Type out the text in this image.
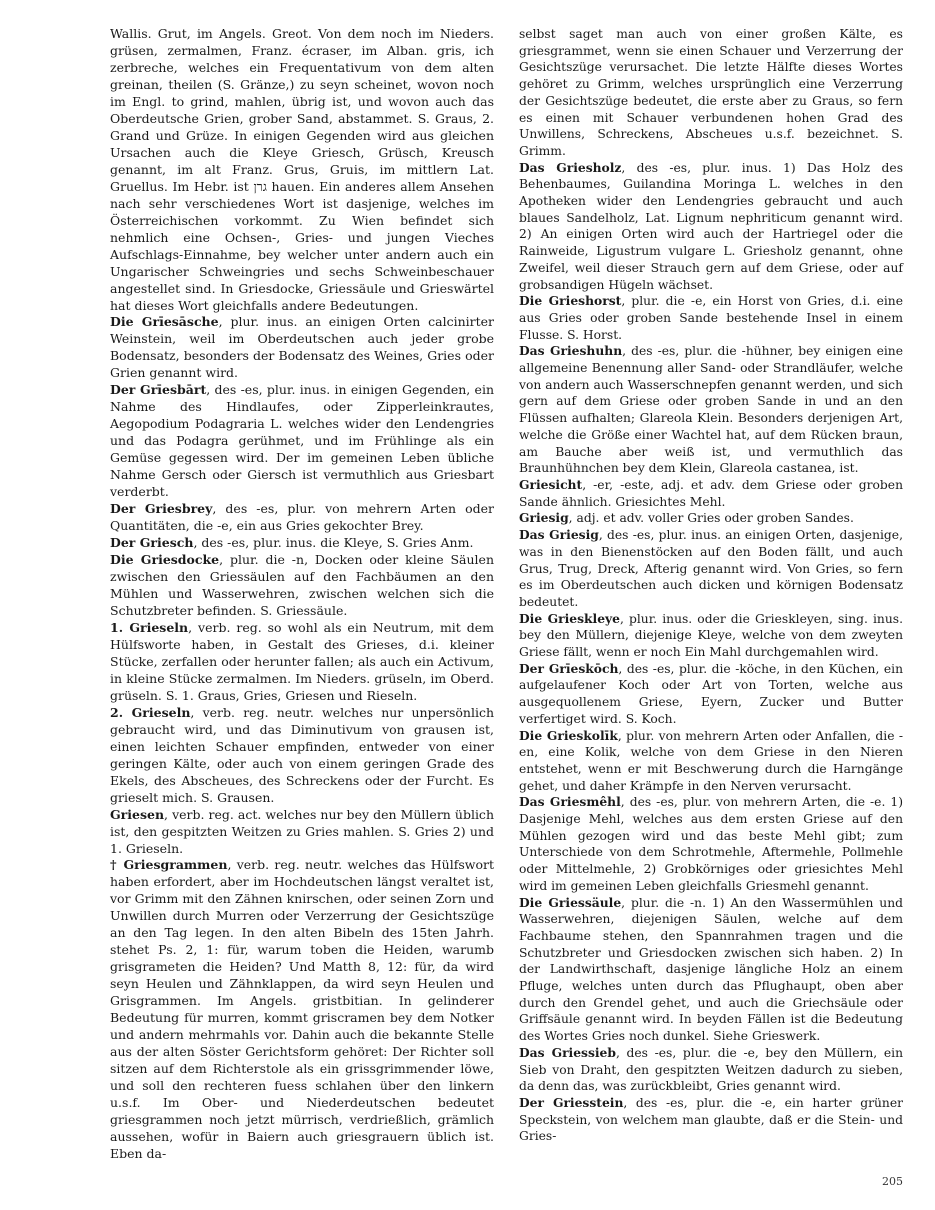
Wallis. Grut, im Angels. Greot. Von dem noch im Nieders. grüsen, zermalmen, Franz. écraser, im Alban. gris, ich zerbreche, welches ein Frequentativum von dem alten greinan, theilen (S. Gränze,) zu seyn scheinet, wovon noch im Engl. to grind, mahlen, übrig ist, und wovon auch das Oberdeutsche Grien, grober Sand, abstammet. S. Graus, 2. Grand und Grüze. In einigen Gegenden wird aus gleichen Ursachen auch die Kleye Griesch, Grüsch, Kreusch genannt, im alt Franz. Grus, Gruis, im mittlern Lat. Gruellus. Im Hebr. ist גרן hauen. Ein anderes allem Ansehen nach sehr verschiedenes Wort ist dasjenige, welches im Österreichischen vorkommt. Zu Wien befindet sich nehmlich eine Ochsen-, Gries- und jungen Vieches Aufschlags-Einnahme, bey welcher unter andern auch ein Ungarischer Schweingries und sechs Schweinbeschauer angestellet sind. In Griesdocke, Griessäule und Grieswärtel hat dieses Wort gleichfalls andere Bedeutungen.

Die Grīesāsche, plur. inus. an einigen Orten calcinirter Weinstein, weil im Oberdeutschen auch jeder grobe Bodensatz, besonders der Bodensatz des Weines, Gries oder Grien genannt wird.

Der Grīesbārt, des -es, plur. inus. in einigen Gegenden, ein Nahme des Hindlaufes, oder Zipperleinkrautes, Aegopodium Podagraria L. welches wider den Lendengries und das Podagra gerühmet, und im Frühlinge als ein Gemüse gegessen wird. Der im gemeinen Leben übliche Nahme Gersch oder Giersch ist vermuthlich aus Griesbart verderbt.

Der Griesbrey, des -es, plur. von mehrern Arten oder Quantitäten, die -e, ein aus Gries gekochter Brey.

Der Griesch, des -es, plur. inus. die Kleye, S. Gries Anm.

Die Griesdocke, plur. die -n, Docken oder kleine Säulen zwischen den Griessäulen auf den Fachbäumen an den Mühlen und Wasserwehren, zwischen welchen sich die Schutzbreter befinden. S. Griessäule.

1. Grieseln, verb. reg. so wohl als ein Neutrum, mit dem Hülfsworte haben, in Gestalt des Grieses, d.i. kleiner Stücke, zerfallen oder herunter fallen; als auch ein Activum, in kleine Stücke zermalmen. Im Nieders. grüseln, im Oberd. grüseln. S. 1. Graus, Gries, Griesen und Rieseln.

2. Grieseln, verb. reg. neutr. welches nur unpersönlich gebraucht wird, und das Diminutivum von grausen ist, einen leichten Schauer empfinden, entweder von einer geringen Kälte, oder auch von einem geringen Grade des Ekels, des Abscheues, des Schreckens oder der Furcht. Es grieselt mich. S. Grausen.

Griesen, verb. reg. act. welches nur bey den Müllern üblich ist, den gespitzten Weitzen zu Gries mahlen. S. Gries 2) und 1. Grieseln.

† Griesgrammen, verb. reg. neutr. welches das Hülfswort haben erfordert, aber im Hochdeutschen längst veraltet ist, vor Grimm mit den Zähnen knirschen, oder seinen Zorn und Unwillen durch Murren oder Verzerrung der Gesichtszüge an den Tag legen. In den alten Bibeln des 15ten Jahrh. stehet Ps. 2, 1: für, warum toben die Heiden, warumb grisgrameten die Heiden? Und Matth 8, 12: für, da wird seyn Heulen und Zähnklappen, da wird seyn Heulen und Grisgrammen. Im Angels. gristbitian. In gelinderer Bedeutung für murren, kommt griscramen bey dem Notker und andern mehrmahls vor. Dahin auch die bekannte Stelle aus der alten Söster Gerichtsform gehöret: Der Richter soll sitzen auf dem Richterstole als ein grissgrimmender löwe, und soll den rechteren fuess schlahen über den linkern u.s.f. Im Ober- und Niederdeutschen bedeutet griesgrammen noch jetzt mürrisch, verdrießlich, grämlich aussehen, wofür in Baiern auch griesgrauern üblich ist. Eben da-

selbst saget man auch von einer großen Kälte, es griesgrammet, wenn sie einen Schauer und Verzerrung der Gesichtszüge verursachet. Die letzte Hälfte dieses Wortes gehöret zu Grimm, welches ursprünglich eine Verzerrung der Gesichtszüge bedeutet, die erste aber zu Graus, so fern es einen mit Schauer verbundenen hohen Grad des Unwillens, Schreckens, Abscheues u.s.f. bezeichnet. S. Grimm.

Das Griesholz, des -es, plur. inus. 1) Das Holz des Behenbaumes, Guilandina Moringa L. welches in den Apotheken wider den Lendengries gebraucht und auch blaues Sandelholz, Lat. Lignum nephriticum genannt wird. 2) An einigen Orten wird auch der Hartriegel oder die Rainweide, Ligustrum vulgare L. Griesholz genannt, ohne Zweifel, weil dieser Strauch gern auf dem Griese, oder auf grobsandigen Hügeln wächset.

Die Grieshorst, plur. die -e, ein Horst von Gries, d.i. eine aus Gries oder groben Sande bestehende Insel in einem Flusse. S. Horst.

Das Grieshuhn, des -es, plur. die -hühner, bey einigen eine allgemeine Benennung aller Sand- oder Strandläufer, welche von andern auch Wasserschnepfen genannt werden, und sich gern auf dem Griese oder groben Sande in und an den Flüssen aufhalten; Glareola Klein. Besonders derjenigen Art, welche die Größe einer Wachtel hat, auf dem Rücken braun, am Bauche aber weiß ist, und vermuthlich das Braunhühnchen bey dem Klein, Glareola castanea, ist.

Griesicht, -er, -este, adj. et adv. dem Griese oder groben Sande ähnlich. Griesichtes Mehl.

Griesig, adj. et adv. voller Gries oder groben Sandes.

Das Griesig, des -es, plur. inus. an einigen Orten, dasjenige, was in den Bienenstöcken auf den Boden fällt, und auch Grus, Trug, Dreck, Afterig genannt wird. Von Gries, so fern es im Oberdeutschen auch dicken und körnigen Bodensatz bedeutet.

Die Grieskleye, plur. inus. oder die Grieskleyen, sing. inus. bey den Müllern, diejenige Kleye, welche von dem zweyten Griese fällt, wenn er noch Ein Mahl durchgemahlen wird.

Der Grīeskōch, des -es, plur. die -köche, in den Küchen, ein aufgelaufener Koch oder Art von Torten, welche aus ausgequollenem Griese, Eyern, Zucker und Butter verfertiget wird. S. Koch.

Die Grieskolīk, plur. von mehrern Arten oder Anfallen, die -en, eine Kolik, welche von dem Griese in den Nieren entstehet, wenn er mit Beschwerung durch die Harngänge gehet, und daher Krämpfe in den Nerven verursacht.

Das Griesmêhl, des -es, plur. von mehrern Arten, die -e. 1) Dasjenige Mehl, welches aus dem ersten Griese auf den Mühlen gezogen wird und das beste Mehl gibt; zum Unterschiede von dem Schrotmehle, Aftermehle, Pollmehle oder Mittelmehle, 2) Grobkörniges oder griesichtes Mehl wird im gemeinen Leben gleichfalls Griesmehl genannt.

Die Griessäule, plur. die -n. 1) An den Wassermühlen und Wasserwehren, diejenigen Säulen, welche auf dem Fachbaume stehen, den Spannrahmen tragen und die Schutzbreter und Griesdocken zwischen sich haben. 2) In der Landwirthschaft, dasjenige längliche Holz an einem Pfluge, welches unten durch das Pflughaupt, oben aber durch den Grendel gehet, und auch die Griechsäule oder Griffsäule genannt wird. In beyden Fällen ist die Bedeutung des Wortes Gries noch dunkel. Siehe Grieswerk.

Das Griessieb, des -es, plur. die -e, bey den Müllern, ein Sieb von Draht, den gespitzten Weitzen dadurch zu sieben, da denn das, was zurückbleibt, Gries genannt wird.

Der Griesstein, des -es, plur. die -e, ein harter grüner Speckstein, von welchem man glaubte, daß er die Stein- und Gries-

205
